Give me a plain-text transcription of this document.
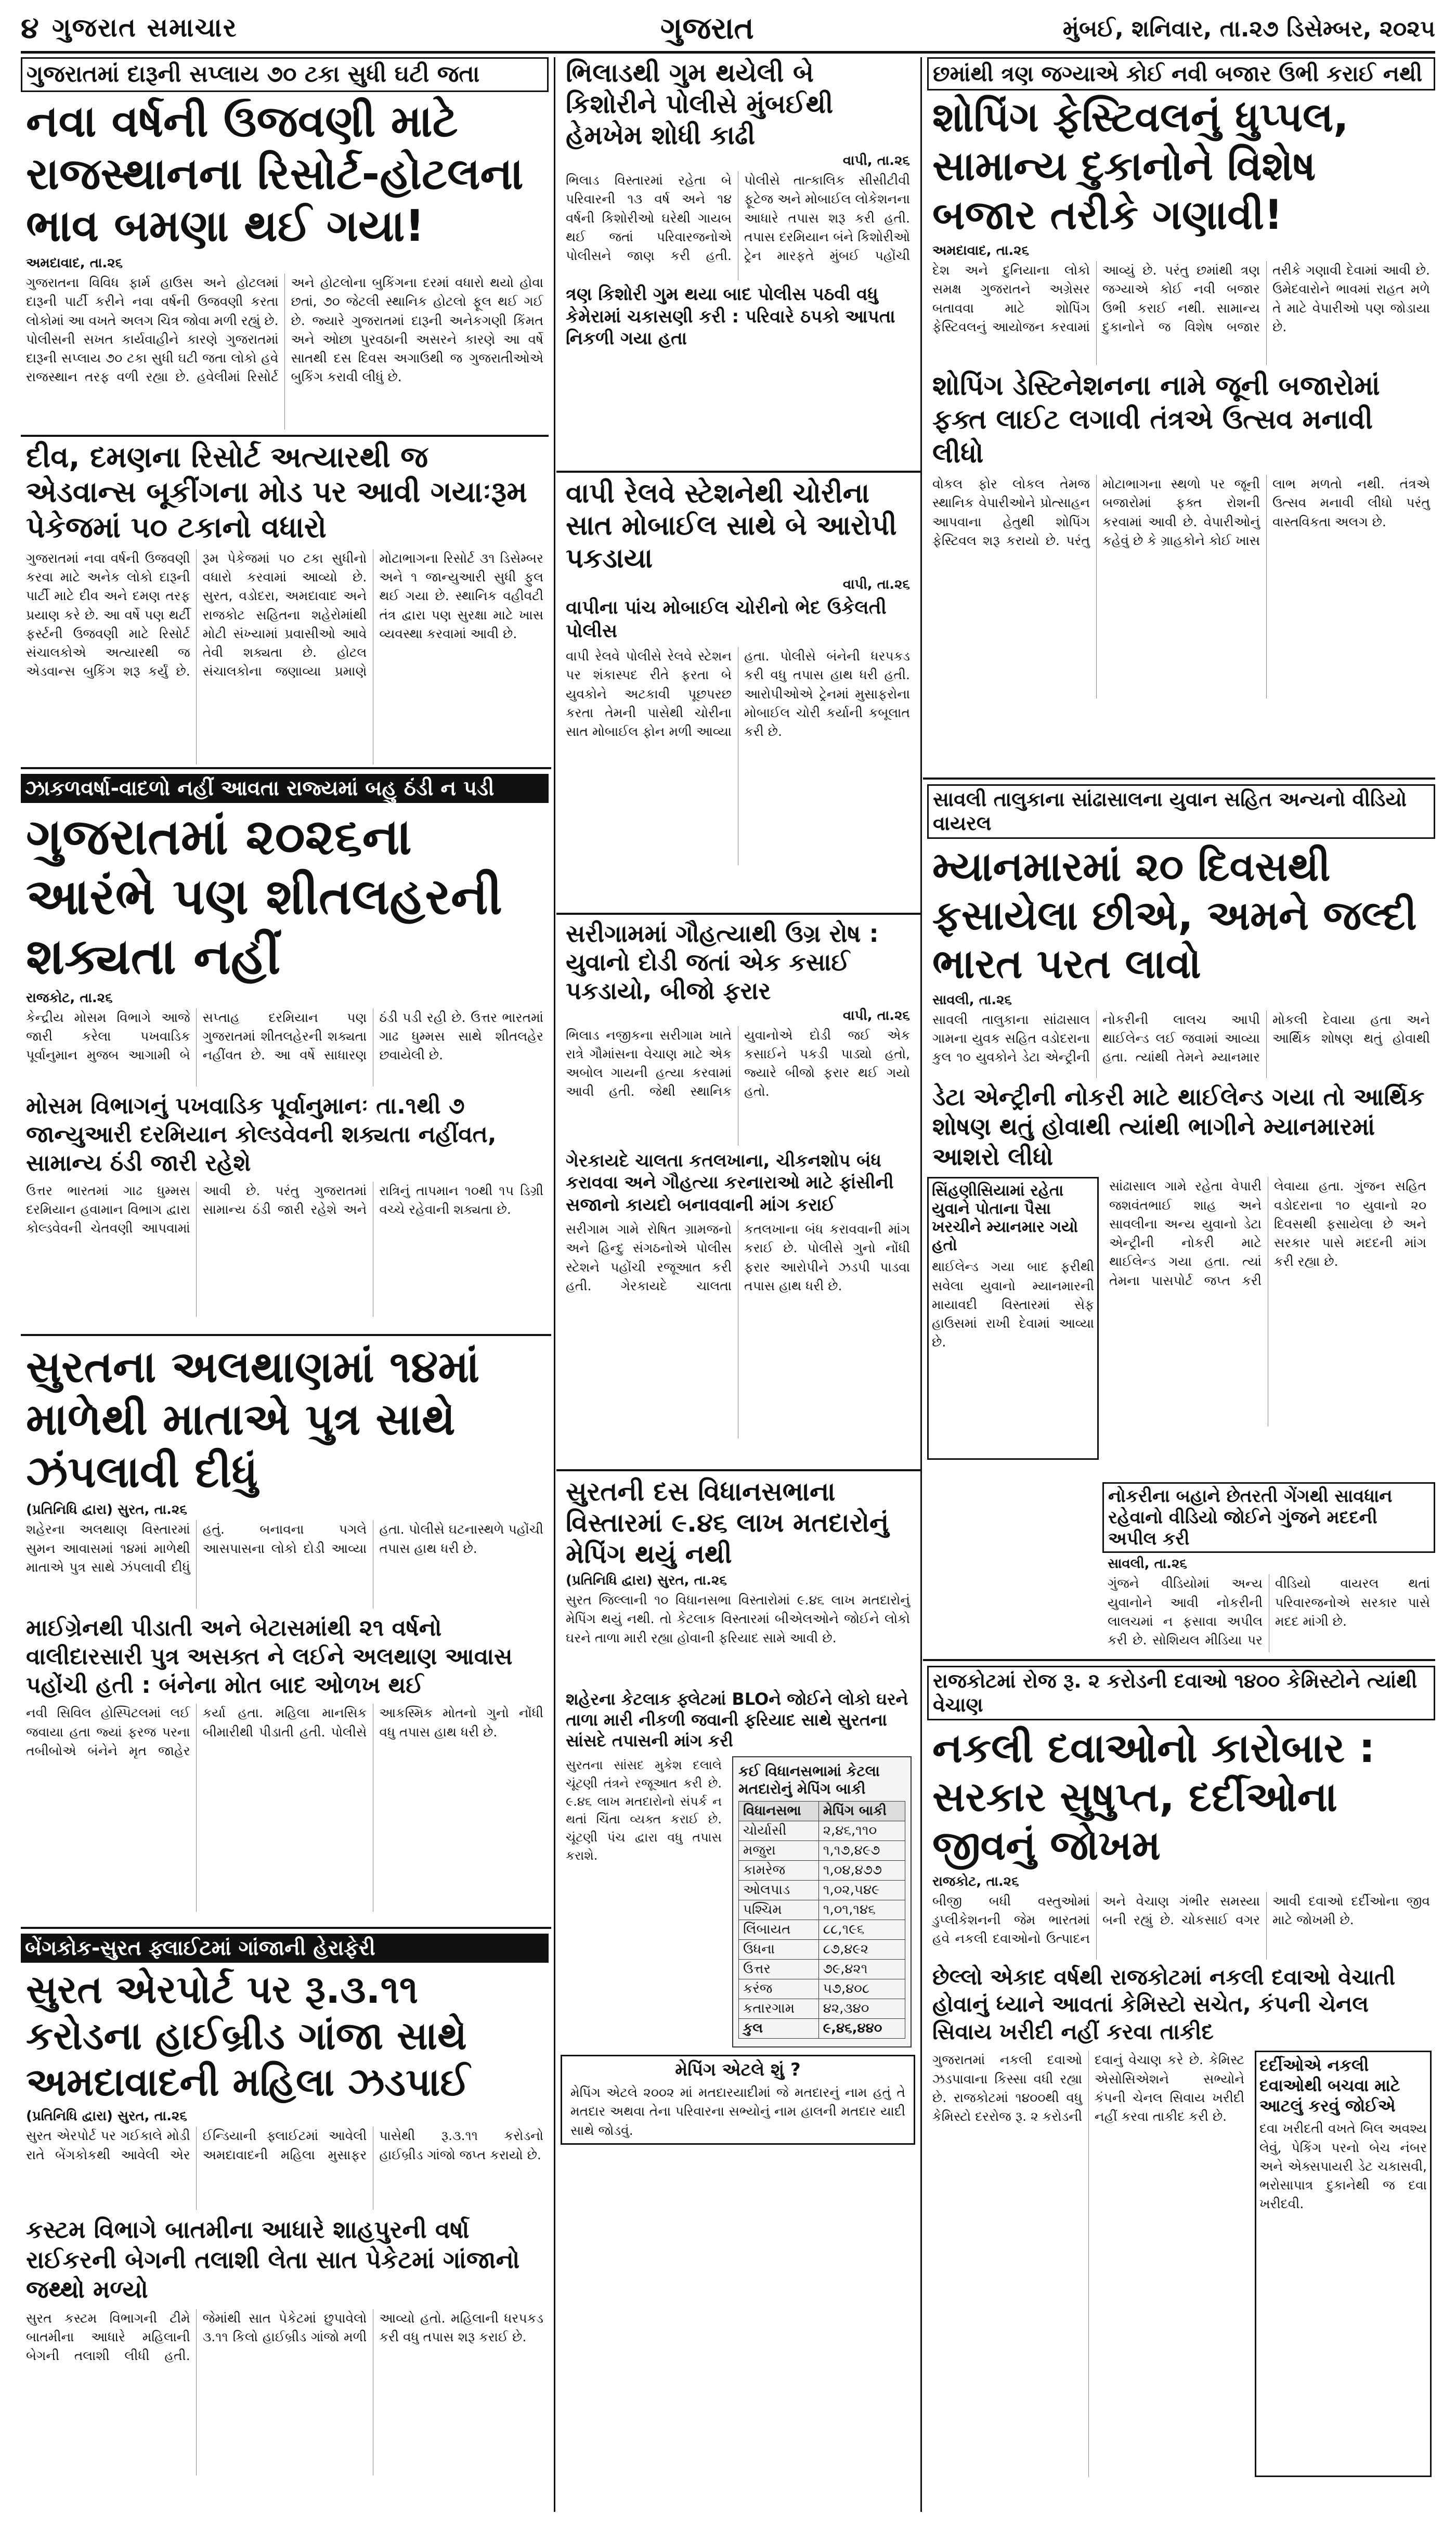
૪ ગુજરાત સમાચાર	ગુજરાત	મુંબઈ, શનિવાર, તા.૨૭ ડિસેમ્બર, ૨૦૨૫
ગુજરાતમાં દારૂની સપ્લાય ૭૦ ટકા સુધી ઘટી જતા
નવા વર્ષની ઉજવણી માટે રાજસ્થાનના રિસોર્ટ-હોટલના ભાવ બમણા થઈ ગયા!
અમદાવાદ, તા.૨૬
ગુજરાતના વિવિધ ફાર્મ હાઉસ અને હોટલમાં દારૂની પાર્ટી કરીને નવા વર્ષની ઉજવણી કરતા લોકોમાં આ વખતે અલગ ચિત્ર જોવા મળી રહ્યું છે. પોલીસની સખત કાર્યવાહીને કારણે ગુજરાતમાં દારૂની સપ્લાય ૭૦ ટકા સુધી ઘટી જતા લોકો હવે રાજસ્થાન તરફ વળી રહ્યા છે. હવેલીમાં રિસોર્ટ અને હોટલોના બુકિંગના દરમાં વધારો થયો હોવા છતાં, ૭૦ જેટલી સ્થાનિક હોટલો ફૂલ થઈ ગઈ છે. જ્યારે ગુજરાતમાં દારૂની અનેકગણી કિંમત અને ઓછા પુરવઠાની અસરને કારણે આ વર્ષે સાતથી દસ દિવસ અગાઉથી જ ગુજરાતીઓએ બુકિંગ કરાવી લીધું છે.
દીવ, દમણના રિસોર્ટ અત્યારથી જ એડવાન્સ બૂકીંગના મોડ પર આવી ગયાઃરૂમ પેકેજમાં ૫૦ ટકાનો વધારો
ગુજરાતમાં નવા વર્ષની ઉજવણી કરવા માટે અનેક લોકો દારૂની પાર્ટી માટે દીવ અને દમણ તરફ પ્રયાણ કરે છે. આ વર્ષે પણ થર્ટી ફર્સ્ટની ઉજવણી માટે રિસોર્ટ સંચાલકોએ અત્યારથી જ એડવાન્સ બુકિંગ શરૂ કર્યું છે. રૂમ પેકેજમાં ૫૦ ટકા સુધીનો વધારો કરવામાં આવ્યો છે. સુરત, વડોદરા, અમદાવાદ અને રાજકોટ સહિતના શહેરોમાંથી મોટી સંખ્યામાં પ્રવાસીઓ આવે તેવી શક્યતા છે. હોટલ સંચાલકોના જણાવ્યા પ્રમાણે મોટાભાગના રિસોર્ટ ૩૧ ડિસેમ્બર અને ૧ જાન્યુઆરી સુધી ફુલ થઈ ગયા છે. સ્થાનિક વહીવટી તંત્ર દ્વારા પણ સુરક્ષા માટે ખાસ વ્યવસ્થા કરવામાં આવી છે.
ઝાકળવર્ષા-વાદળો નહીં આવતા રાજ્યમાં બહુ ઠંડી ન પડી
ગુજરાતમાં ૨૦૨૬ના આરંભે પણ શીતલહરની શક્યતા નહીં
રાજકોટ, તા.૨૬
કેન્દ્રીય મોસમ વિભાગે આજે જારી કરેલા પખવાડિક પૂર્વાનુમાન મુજબ આગામી બે સપ્તાહ દરમિયાન પણ ગુજરાતમાં શીતલહેરની શક્યતા નહીંવત છે. આ વર્ષે સાધારણ ઠંડી પડી રહી છે. ઉત્તર ભારતમાં ગાઢ ધુમ્મસ સાથે શીતલહેર છવાયેલી છે.
મોસમ વિભાગનું પખવાડિક પૂર્વાનુમાનઃ તા.૧થી ૭ જાન્યુઆરી દરમિયાન કોલ્ડવેવની શક્યતા નહીંવત, સામાન્ય ઠંડી જારી રહેશે
ઉત્તર ભારતમાં ગાઢ ધુમ્મસ દરમિયાન હવામાન વિભાગ દ્વારા કોલ્ડવેવની ચેતવણી આપવામાં આવી છે. પરંતુ ગુજરાતમાં સામાન્ય ઠંડી જારી રહેશે અને રાત્રિનું તાપમાન ૧૦થી ૧૫ ડિગ્રી વચ્ચે રહેવાની શક્યતા છે.
સુરતના અલથાણમાં ૧૪માં માળેથી માતાએ પુત્ર સાથે ઝંપલાવી દીધું
(પ્રતિનિધિ દ્વારા) સુરત, તા.૨૬
શહેરના અલથાણ વિસ્તારમાં સુમન આવાસમાં ૧૪માં માળેથી માતાએ પુત્ર સાથે ઝંપલાવી દીધું હતું. બનાવના પગલે આસપાસના લોકો દોડી આવ્યા હતા. પોલીસે ઘટનાસ્થળે પહોંચી તપાસ હાથ ધરી છે.
માઈગ્રેનથી પીડાતી અને બેટાસમાંથી ૨૧ વર્ષનો વાલીદારસારી પુત્ર અસક્ત ને લઈને અલથાણ આવાસ પહોંચી હતી : બંનેના મોત બાદ ઓળખ થઈ
નવી સિવિલ હોસ્પિટલમાં લઈ જવાયા હતા જ્યાં ફરજ પરના તબીબોએ બંનેને મૃત જાહેર કર્યા હતા. મહિલા માનસિક બીમારીથી પીડાતી હતી. પોલીસે આકસ્મિક મોતનો ગુનો નોંધી વધુ તપાસ હાથ ધરી છે.
બેંગકોક-સુરત ફ્લાઈટમાં ગાંજાની હેરાફેરી
સુરત એરપોર્ટ પર રૂ.૩.૧૧ કરોડના હાઈબ્રીડ ગાંજા સાથે અમદાવાદની મહિલા ઝડપાઈ
(પ્રતિનિધિ દ્વારા) સુરત, તા.૨૬
સુરત એરપોર્ટ પર ગઈકાલે મોડી રાતે બેંગકોકથી આવેલી એર ઈન્ડિયાની ફ્લાઈટમાં આવેલી અમદાવાદની મહિલા મુસાફર પાસેથી રૂ.૩.૧૧ કરોડનો હાઈબ્રીડ ગાંજો જપ્ત કરાયો છે.
કસ્ટમ વિભાગે બાતમીના આધારે શાહપુરની વર્ષા રાઈકરની બેગની તલાશી લેતા સાત પેકેટમાં ગાંજાનો જથ્થો મળ્યો
સુરત કસ્ટમ વિભાગની ટીમે બાતમીના આધારે મહિલાની બેગની તલાશી લીધી હતી. જેમાંથી સાત પેકેટમાં છુપાવેલો ૩.૧૧ કિલો હાઈબ્રીડ ગાંજો મળી આવ્યો હતો. મહિલાની ધરપકડ કરી વધુ તપાસ શરૂ કરાઈ છે.
ભિલાડથી ગુમ થયેલી બે કિશોરીને પોલીસે મુંબઈથી હેમખેમ શોધી કાઢી
વાપી, તા.૨૬
ભિલાડ વિસ્તારમાં રહેતા બે પરિવારની ૧૩ વર્ષ અને ૧૪ વર્ષની કિશોરીઓ ઘરેથી ગાયબ થઈ જતાં પરિવારજનોએ પોલીસને જાણ કરી હતી. પોલીસે તાત્કાલિક સીસીટીવી ફૂટેજ અને મોબાઈલ લોકેશનના આધારે તપાસ શરૂ કરી હતી. તપાસ દરમિયાન બંને કિશોરીઓ ટ્રેન મારફતે મુંબઈ પહોંચી
ત્રણ કિશોરી ગુમ થયા બાદ પોલીસ પઠવી વધુ કેમેરામાં ચકાસણી કરી : પરિવારે ઠપકો આપતા નિકળી ગયા હતા
વાપી રેલવે સ્ટેશનેથી ચોરીના સાત મોબાઈલ સાથે બે આરોપી પકડાયા
વાપી, તા.૨૬
વાપીના પાંચ મોબાઈલ ચોરીનો ભેદ ઉકેલતી પોલીસ
વાપી રેલવે પોલીસે રેલવે સ્ટેશન પર શંકાસ્પદ રીતે ફરતા બે યુવકોને અટકાવી પૂછપરછ કરતા તેમની પાસેથી ચોરીના સાત મોબાઈલ ફોન મળી આવ્યા હતા. પોલીસે બંનેની ધરપકડ કરી વધુ તપાસ હાથ ધરી હતી. આરોપીઓએ ટ્રેનમાં મુસાફરોના મોબાઈલ ચોરી કર્યાની કબૂલાત કરી છે.
સરીગામમાં ગૌહત્યાથી ઉગ્ર રોષ : યુવાનો દોડી જતાં એક કસાઈ પકડાયો, બીજો ફરાર
વાપી, તા.૨૬
ભિલાડ નજીકના સરીગામ ખાતે રાત્રે ગૌમાંસના વેચાણ માટે એક અબોલ ગાયની હત્યા કરવામાં આવી હતી. જેથી સ્થાનિક યુવાનોએ દોડી જઈ એક કસાઈને પકડી પાડ્યો હતો, જ્યારે બીજો ફરાર થઈ ગયો હતો.
ગેરકાયદે ચાલતા કતલખાના, ચીકનશોપ બંધ કરાવવા અને ગૌહત્યા કરનારાઓ માટે ફાંસીની સજાનો કાયદો બનાવવાની માંગ કરાઈ
સરીગામ ગામે રોષિત ગ્રામજનો અને હિન્દુ સંગઠનોએ પોલીસ સ્ટેશને પહોંચી રજૂઆત કરી હતી. ગેરકાયદે ચાલતા કતલખાના બંધ કરાવવાની માંગ કરાઈ છે. પોલીસે ગુનો નોંધી ફરાર આરોપીને ઝડપી પાડવા તપાસ હાથ ધરી છે.
સુરતની દસ વિધાનસભાના વિસ્તારમાં ૯.૪૬ લાખ મતદારોનું મેપિંગ થયું નથી
(પ્રતિનિધિ દ્વારા) સુરત, તા.૨૬
સુરત જિલ્લાની ૧૦ વિધાનસભા વિસ્તારોમાં ૯.૪૬ લાખ મતદારોનું મેપિંગ થયું નથી. તો કેટલાક વિસ્તારમાં બીએલઓને જોઈને લોકો ઘરને તાળા મારી રહ્યા હોવાની ફરિયાદ સામે આવી છે.
શહેરના કેટલાક ફ્લેટમાં BLOને જોઈને લોકો ઘરને તાળા મારી નીકળી જવાની ફરિયાદ સાથે સુરતના સાંસદે તપાસની માંગ કરી
સુરતના સાંસદ મુકેશ દલાલે ચૂંટણી તંત્રને રજૂઆત કરી છે. ૯.૪૬ લાખ મતદારોનો સંપર્ક ન થતાં ચિંતા વ્યક્ત કરાઈ છે. ચૂંટણી પંચ દ્વારા વધુ તપાસ કરાશે.
કઈ વિધાનસભામાં કેટલા મતદારોનું મેપિંગ બાકી
વિધાનસભા	મેપિંગ બાકી
ચોર્યાસી	૨,૪૬,૧૧૦
મજુરા	૧,૧૭,૪૯૭
કામરેજ	૧,૦૪,૪૭૭
ઓલપાડ	૧,૦૨,૫૪૯
પશ્ચિમ	૧,૦૧,૧૪૬
લિંબાયત	૮૮,૧૯૬
ઉધના	૮૭,૪૯૨
ઉત્તર	૭૯,૪૨૧
કરંજ	૫૭,૪૦૮
કતારગામ	૪૨,૩૪૦
કુલ	૯,૪૬,૪૪૦
મેપિંગ એટલે શું ?
મેપિંગ એટલે ૨૦૦૨ માં મતદારયાદીમાં જે મતદારનું નામ હતું તે મતદાર અથવા તેના પરિવારના સભ્યોનું નામ હાલની મતદાર યાદી સાથે જોડવું.
છમાંથી ત્રણ જગ્યાએ કોઈ નવી બજાર ઉભી કરાઈ નથી
શોપિંગ ફેસ્ટિવલનું ધુપ્પલ, સામાન્ય દુકાનોને વિશેષ બજાર તરીકે ગણાવી!
અમદાવાદ, તા.૨૬
દેશ અને દુનિયાના લોકો સમક્ષ ગુજરાતને અગ્રેસર બતાવવા માટે શોપિંગ ફેસ્ટિવલનું આયોજન કરવામાં આવ્યું છે. પરંતુ છમાંથી ત્રણ જગ્યાએ કોઈ નવી બજાર ઉભી કરાઈ નથી. સામાન્ય દુકાનોને જ વિશેષ બજાર તરીકે ગણાવી દેવામાં આવી છે. ઉમેદવારોને ભાવમાં રાહત મળે તે માટે વેપારીઓ પણ જોડાયા છે.
શોપિંગ ડેસ્ટિનેશનના નામે જૂની બજારોમાં ફક્ત લાઈટ લગાવી તંત્રએ ઉત્સવ મનાવી લીધો
વોકલ ફોર લોકલ તેમજ સ્થાનિક વેપારીઓને પ્રોત્સાહન આપવાના હેતુથી શોપિંગ ફેસ્ટિવલ શરૂ કરાયો છે. પરંતુ મોટાભાગના સ્થળો પર જૂની બજારોમાં ફક્ત રોશની કરવામાં આવી છે. વેપારીઓનું કહેવું છે કે ગ્રાહકોને કોઈ ખાસ લાભ મળતો નથી. તંત્રએ ઉત્સવ મનાવી લીધો પરંતુ વાસ્તવિકતા અલગ છે.
સાવલી તાલુકાના સાંઢાસાલના યુવાન સહિત અન્યનો વીડિયો વાયરલ
મ્યાનમારમાં ૨૦ દિવસથી ફસાયેલા છીએ, અમને જલ્દી ભારત પરત લાવો
સાવલી, તા.૨૬
સાવલી તાલુકાના સાંઢાસાલ ગામના યુવક સહિત વડોદરાના કુલ ૧૦ યુવકોને ડેટા એન્ટ્રીની નોકરીની લાલચ આપી થાઈલેન્ડ લઈ જવામાં આવ્યા હતા. ત્યાંથી તેમને મ્યાનમાર મોકલી દેવાયા હતા અને આર્થિક શોષણ થતું હોવાથી
ડેટા એન્ટ્રીની નોકરી માટે થાઈલેન્ડ ગયા તો આર્થિક શોષણ થતું હોવાથી ત્યાંથી ભાગીને મ્યાનમારમાં આશરો લીધો
સિંહણીસિયામાં રહેતા યુવાને પોતાના પૈસા ખરચીને મ્યાનમાર ગયો હતો
થાઈલેન્ડ ગયા બાદ ફરીથી સવેલા યુવાનો મ્યાનમારની માયાવદી વિસ્તારમાં સેફ હાઉસમાં રાખી દેવામાં આવ્યા છે.
સાંઢાસાલ ગામે રહેતા વેપારી જશવંતભાઈ શાહ અને સાવલીના અન્ય યુવાનો ડેટા એન્ટ્રીની નોકરી માટે થાઈલેન્ડ ગયા હતા. ત્યાં તેમના પાસપોર્ટ જપ્ત કરી લેવાયા હતા. ગુંજન સહિત વડોદરાના ૧૦ યુવાનો ૨૦ દિવસથી ફસાયેલા છે અને સરકાર પાસે મદદની માંગ કરી રહ્યા છે.
નોકરીના બહાને છેતરતી ગેંગથી સાવધાન રહેવાનો વીડિયો જોઈને ગુંજને મદદની અપીલ કરી
સાવલી, તા.૨૬
ગુંજને વીડિયોમાં અન્ય યુવાનોને આવી નોકરીની લાલચમાં ન ફસાવા અપીલ કરી છે. સોશિયલ મીડિયા પર વીડિયો વાયરલ થતાં પરિવારજનોએ સરકાર પાસે મદદ માંગી છે.
રાજકોટમાં રોજ રૂ. ૨ કરોડની દવાઓ ૧૪૦૦ કેમિસ્ટોને ત્યાંથી વેચાણ
નકલી દવાઓનો કારોબાર : સરકાર સુષુપ્ત, દર્દીઓના જીવનું જોખમ
રાજકોટ, તા.૨૬
બીજી બધી વસ્તુઓમાં ડુપ્લીકેશનની જેમ ભારતમાં હવે નકલી દવાઓનો ઉત્પાદન અને વેચાણ ગંભીર સમસ્યા બની રહ્યું છે. ચોકસાઈ વગર આવી દવાઓ દર્દીઓના જીવ માટે જોખમી છે.
છેલ્લો એકાદ વર્ષથી રાજકોટમાં નકલી દવાઓ વેચાતી હોવાનું ધ્યાને આવતાં કેમિસ્ટો સચેત, કંપની ચેનલ સિવાય ખરીદી નહીં કરવા તાકીદ
ગુજરાતમાં નકલી દવાઓ ઝડપાવાના કિસ્સા વધી રહ્યા છે. રાજકોટમાં ૧૪૦૦થી વધુ કેમિસ્ટો દરરોજ રૂ. ૨ કરોડની દવાનું વેચાણ કરે છે. કેમિસ્ટ એસોસિએશને સભ્યોને કંપની ચેનલ સિવાય ખરીદી નહીં કરવા તાકીદ કરી છે.
દર્દીઓએ નકલી દવાઓથી બચવા માટે આટલું કરવું જોઈએ
દવા ખરીદતી વખતે બિલ અવશ્ય લેવું, પેકિંગ પરનો બેચ નંબર અને એક્સપાયરી ડેટ ચકાસવી, ભરોસાપાત્ર દુકાનેથી જ દવા ખરીદવી.
